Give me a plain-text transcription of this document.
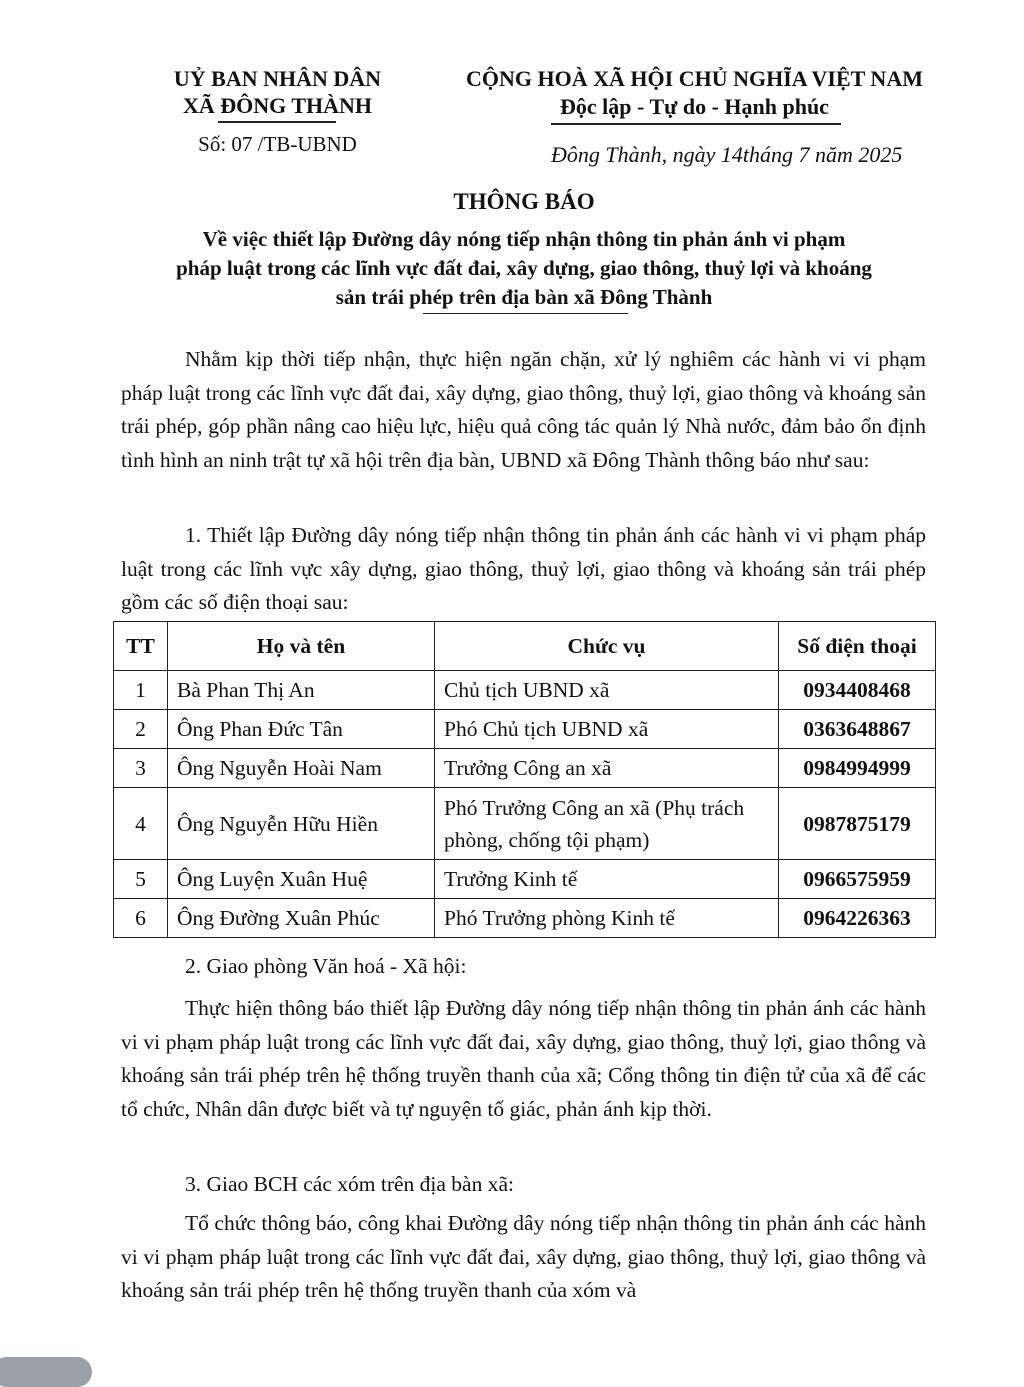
UỶ BAN NHÂN DÂN
XÃ ĐÔNG THÀNH
Số: 07 /TB-UBND
CỘNG HOÀ XÃ HỘI CHỦ NGHĨA VIỆT NAM
Độc lập - Tự do - Hạnh phúc
Đông Thành, ngày 14tháng 7 năm 2025
THÔNG BÁO
Về việc thiết lập Đường dây nóng tiếp nhận thông tin phản ánh vi phạm
pháp luật trong các lĩnh vực đất đai, xây dựng, giao thông, thuỷ lợi và khoáng
sản trái phép trên địa bàn xã Đông Thành
Nhằm kịp thời tiếp nhận, thực hiện ngăn chặn, xử lý nghiêm các hành vi vi phạm pháp luật trong các lĩnh vực đất đai, xây dựng, giao thông, thuỷ lợi, giao thông và khoáng sản trái phép, góp phần nâng cao hiệu lực, hiệu quả công tác quản lý Nhà nước, đảm bảo ổn định tình hình an ninh trật tự xã hội trên địa bàn, UBND xã Đông Thành thông báo như sau:
1. Thiết lập Đường dây nóng tiếp nhận thông tin phản ánh các hành vi vi phạm pháp luật trong các lĩnh vực xây dựng, giao thông, thuỷ lợi, giao thông và khoáng sản trái phép gồm các số điện thoại sau:
TT	Họ và tên	Chức vụ	Số điện thoại
1	Bà Phan Thị An	Chủ tịch UBND xã	0934408468
2	Ông Phan Đức Tân	Phó Chủ tịch UBND xã	0363648867
3	Ông Nguyễn Hoài Nam	Trưởng Công an xã	0984994999
4	Ông Nguyễn Hữu Hiền	Phó Trưởng Công an xã (Phụ trách phòng, chống tội phạm)	0987875179
5	Ông Luyện Xuân Huệ	Trưởng Kinh tế	0966575959
6	Ông Đường Xuân Phúc	Phó Trưởng phòng Kinh tế	0964226363
2. Giao phòng Văn hoá - Xã hội:
Thực hiện thông báo thiết lập Đường dây nóng tiếp nhận thông tin phản ánh các hành vi vi phạm pháp luật trong các lĩnh vực đất đai, xây dựng, giao thông, thuỷ lợi, giao thông và khoáng sản trái phép trên hệ thống truyền thanh của xã; Cổng thông tin điện tử của xã để các tổ chức, Nhân dân được biết và tự nguyện tố giác, phản ánh kịp thời.
3. Giao BCH các xóm trên địa bàn xã:
Tổ chức thông báo, công khai Đường dây nóng tiếp nhận thông tin phản ánh các hành vi vi phạm pháp luật trong các lĩnh vực đất đai, xây dựng, giao thông, thuỷ lợi, giao thông và khoáng sản trái phép trên hệ thống truyền thanh của xóm và
